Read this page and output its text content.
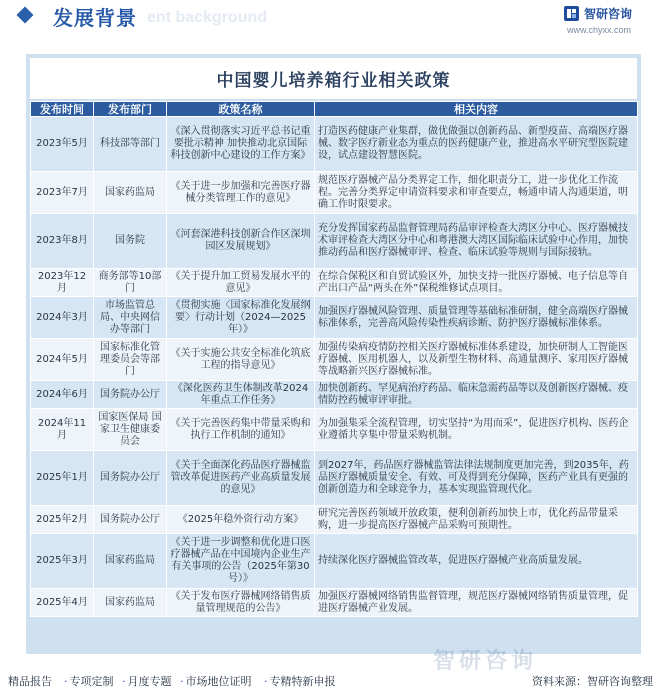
ent background
发展背景	智研咨询
www.chyxx.com
中国婴儿培养箱行业相关政策
发布时间	发布部门	政策名称	相关内容
2023年5月	科技部等部门	《深入贯彻落实习近平总书记重要批示精神 加快推动北京国际科技创新中心建设的工作方案》	打造医药健康产业集群，做优做强以创新药品、新型疫苗、高端医疗器械、数字医疗新业态为重点的医药健康产业，推进高水平研究型医院建设，试点建设智慧医院。
2023年7月	国家药监局	《关于进一步加强和完善医疗器械分类管理工作的意见》	规范医疗器械产品分类界定工作，细化职责分工，进一步优化工作流程。完善分类界定申请资料要求和审查要点，畅通申请人沟通渠道，明确工作时限要求。
2023年8月	国务院	《河套深港科技创新合作区深圳园区发展规划》	充分发挥国家药品监督管理局药品审评检查大湾区分中心、医疗器械技术审评检查大湾区分中心和粤港澳大湾区国际临床试验中心作用，加快推动药品和医疗器械审评、检查、临床试验等规则与国际接轨。
2023年12月	商务部等10部门	《关于提升加工贸易发展水平的意见》	在综合保税区和自贸试验区外，加快支持一批医疗器械、电子信息等自产出口产品“两头在外”保税维修试点项目。
2024年3月	市场监管总局、中央网信办等部门	《贯彻实施〈国家标准化发展纲要〉行动计划（2024—2025年）》	加强医疗器械风险管理、质量管理等基础标准研制，健全高端医疗器械标准体系，完善高风险传染性疾病诊断、防护医疗器械标准体系。
2024年5月	国家标准化管理委员会等部门	《关于实施公共安全标准化筑底工程的指导意见》	加强传染病疫情防控相关医疗器械标准体系建设，加快研制人工智能医疗器械、医用机器人，以及新型生物材料、高通量测序、家用医疗器械等战略新兴医疗器械标准。
2024年6月	国务院办公厅	《深化医药卫生体制改革2024年重点工作任务》	加快创新药、罕见病治疗药品、临床急需药品等以及创新医疗器械、疫情防控药械审评审批。
2024年11月	国家医保局 国家卫生健康委员会	《关于完善医药集中带量采购和执行工作机制的通知》	为加强集采全流程管理，切实坚持“为用而采”，促进医疗机构、医药企业遵循共享集中带量采购机制。
2025年1月	国务院办公厅	《关于全面深化药品医疗器械监管改革促进医药产业高质量发展的意见》	到2027年，药品医疗器械监管法律法规制度更加完善，到2035年，药品医疗器械质量安全、有效、可及得到充分保障，医药产业具有更强的创新创造力和全球竞争力，基本实现监管现代化。
2025年2月	国务院办公厅	《2025年稳外资行动方案》	研究完善医药领域开放政策，便利创新药加快上市，优化药品带量采购，进一步提高医疗器械产品采购可预期性。
2025年3月	国家药监局	《关于进一步调整和优化进口医疗器械产品在中国境内企业生产有关事项的公告（2025年第30号）》	持续深化医疗器械监管改革，促进医疗器械产业高质量发展。
2025年4月	国家药监局	《关于发布医疗器械网络销售质量管理规范的公告》	加强医疗器械网络销售监督管理，规范医疗器械网络销售质量管理，促进医疗器械产业发展。
智研咨询
精品报告 · 专项定制 · 月度专题 · 市场地位证明 · 专精特新申报	资料来源：智研咨询整理
